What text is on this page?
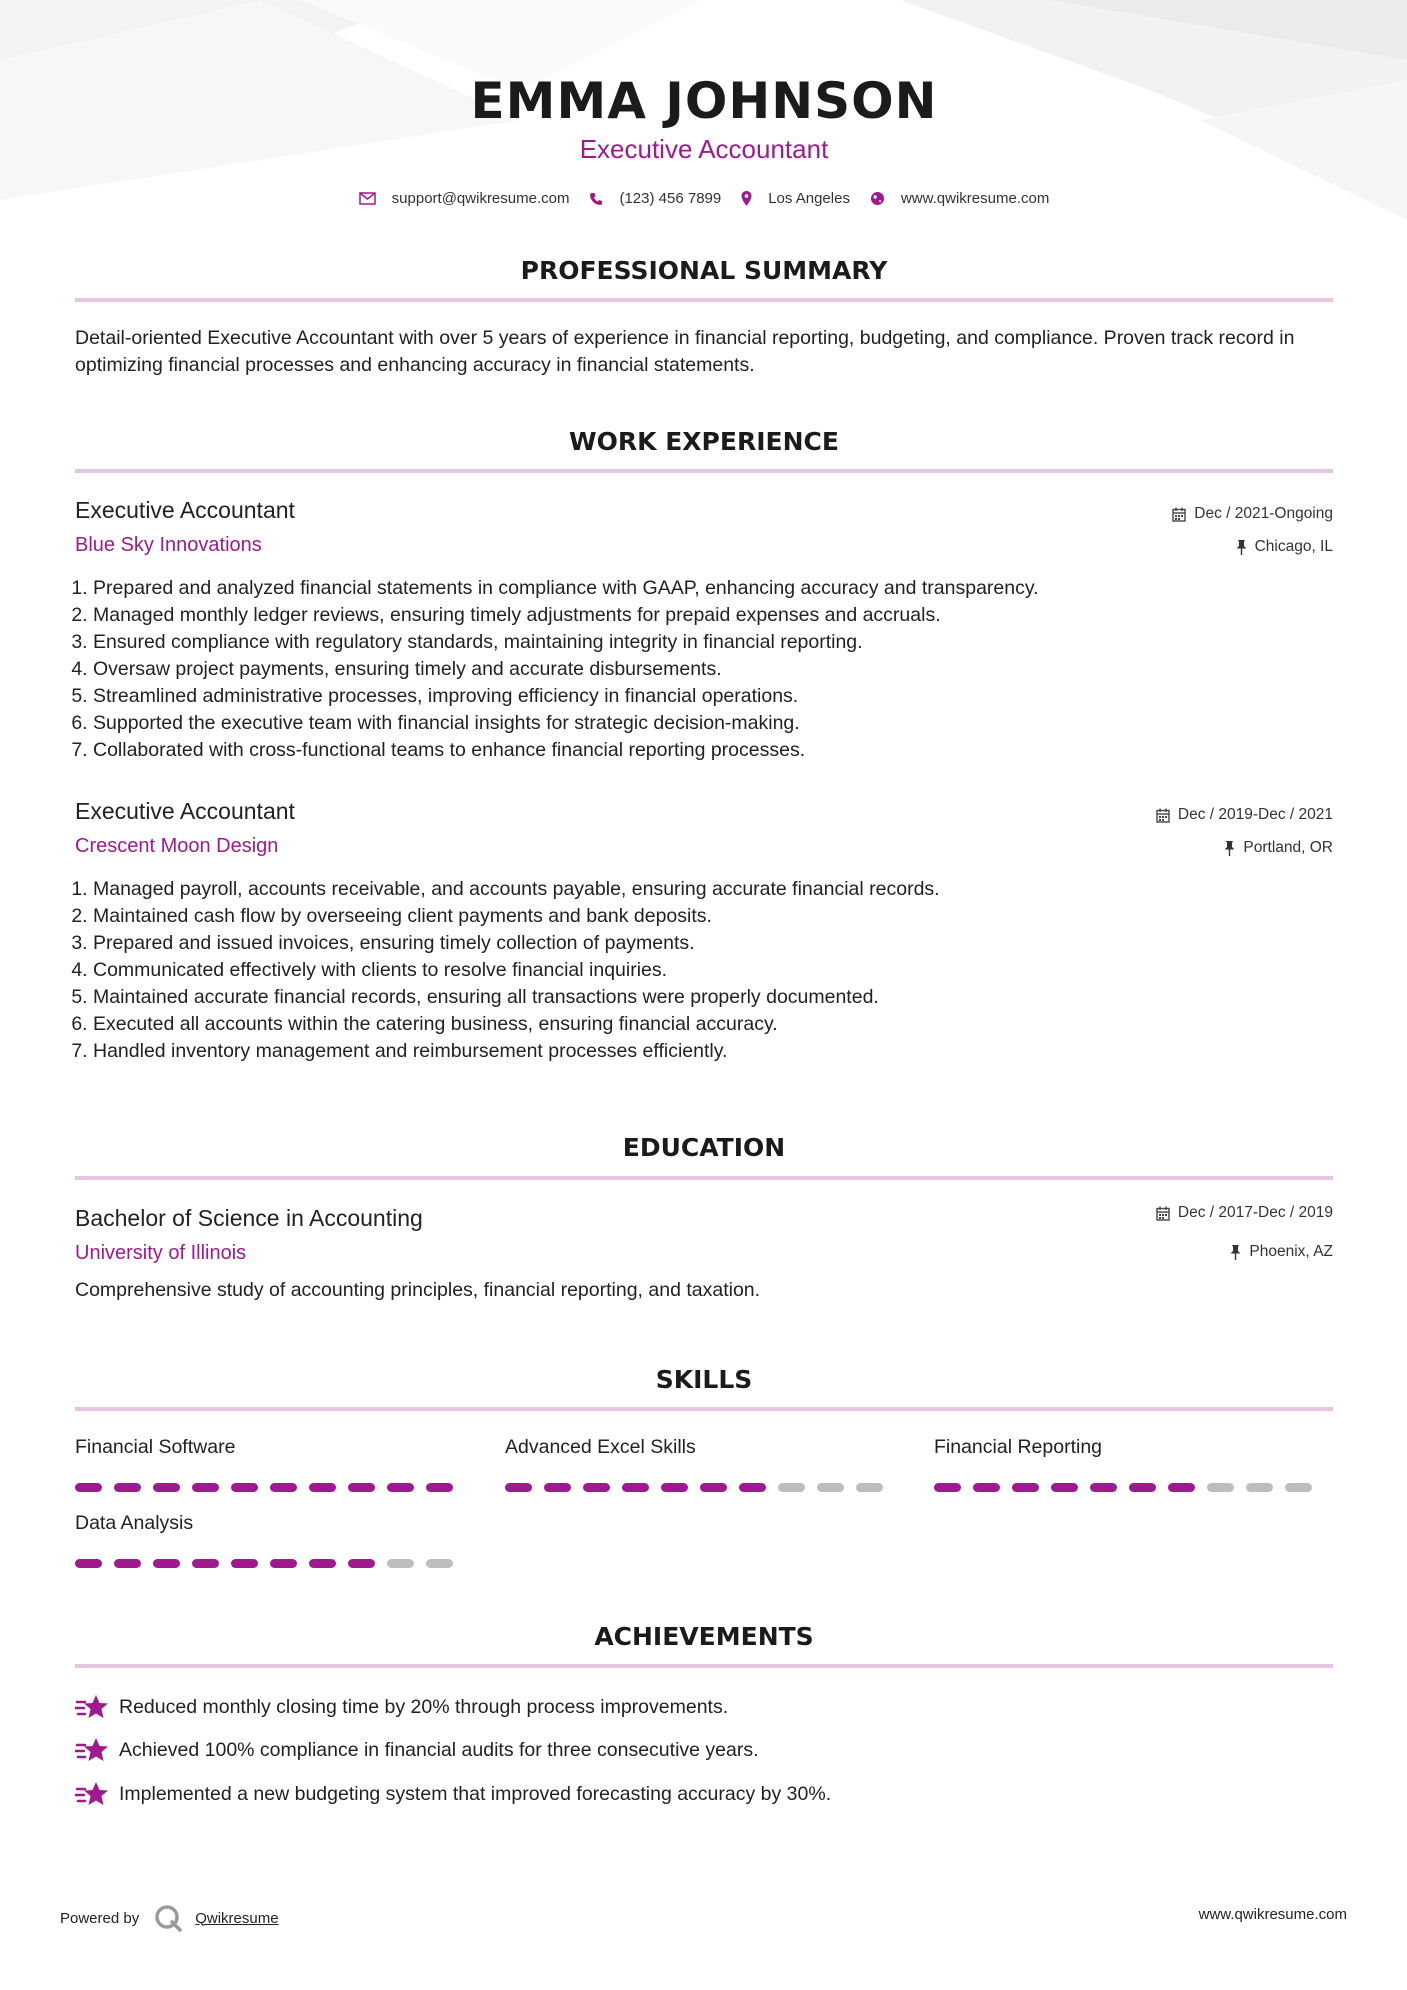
EMMA JOHNSON
Executive Accountant
support@qwikresume.com	(123) 456 7899	Los Angeles	www.qwikresume.com
PROFESSIONAL SUMMARY
Detail-oriented Executive Accountant with over 5 years of experience in financial reporting, budgeting, and compliance. Proven track record in optimizing financial processes and enhancing accuracy in financial statements.
WORK EXPERIENCE
Executive Accountant
Blue Sky Innovations
Dec / 2021-Ongoing
Chicago, IL
1. Prepared and analyzed financial statements in compliance with GAAP, enhancing accuracy and transparency.
2. Managed monthly ledger reviews, ensuring timely adjustments for prepaid expenses and accruals.
3. Ensured compliance with regulatory standards, maintaining integrity in financial reporting.
4. Oversaw project payments, ensuring timely and accurate disbursements.
5. Streamlined administrative processes, improving efficiency in financial operations.
6. Supported the executive team with financial insights for strategic decision-making.
7. Collaborated with cross-functional teams to enhance financial reporting processes.
Executive Accountant
Crescent Moon Design
Dec / 2019-Dec / 2021
Portland, OR
1. Managed payroll, accounts receivable, and accounts payable, ensuring accurate financial records.
2. Maintained cash flow by overseeing client payments and bank deposits.
3. Prepared and issued invoices, ensuring timely collection of payments.
4. Communicated effectively with clients to resolve financial inquiries.
5. Maintained accurate financial records, ensuring all transactions were properly documented.
6. Executed all accounts within the catering business, ensuring financial accuracy.
7. Handled inventory management and reimbursement processes efficiently.
EDUCATION
Bachelor of Science in Accounting
University of Illinois
Dec / 2017-Dec / 2019
Phoenix, AZ
Comprehensive study of accounting principles, financial reporting, and taxation.
SKILLS
Financial Software	Advanced Excel Skills	Financial Reporting
Data Analysis
ACHIEVEMENTS
Reduced monthly closing time by 20% through process improvements.
Achieved 100% compliance in financial audits for three consecutive years.
Implemented a new budgeting system that improved forecasting accuracy by 30%.
Powered by	Qwikresume	www.qwikresume.com
